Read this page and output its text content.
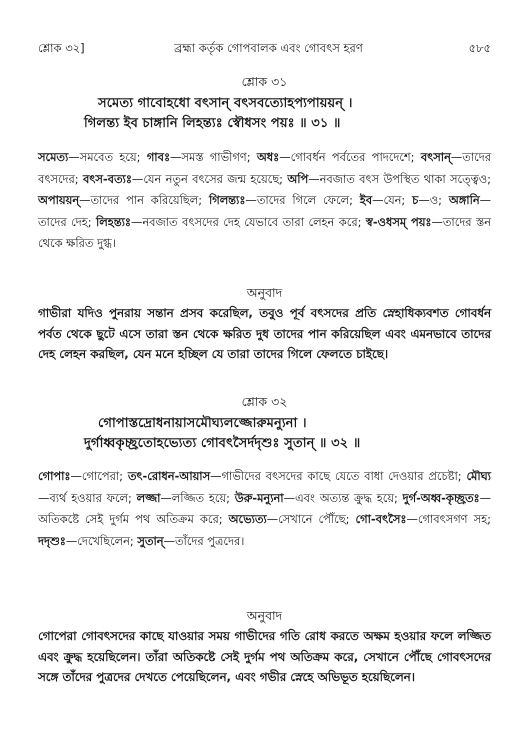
শ্লোক ৩২]	ব্রহ্মা কর্তৃক গোপবালক এবং গোবৎস হরণ	৫৮৫
শ্লোক ৩১
সমেত্য গাবোহধো বৎসান্ বৎসবত্যোহপ্যপায়য়ন্ ।
গিলন্ত্য ইব চাঙ্গানি লিহন্ত্যঃ স্বৌধসং পয়ঃ ॥ ৩১ ॥
সমেত্য—সমবেত হয়ে; গাবঃ—সমস্ত গাভীগণ; অধঃ—গোবর্ধন পর্বতের পাদদেশে; বৎসান্—তাদের বৎসদের; বৎস-বত্যঃ—যেন নতুন বৎসের জন্ম হয়েছে; অপি—নবজাত বৎস উপস্থিত থাকা সত্ত্বেও; অপায়য়ন্—তাদের পান করিয়েছিল; গিলন্ত্যঃ—তাদের গিলে ফেলে; ইব—যেন; চ—ও; অঙ্গানি—তাদের দেহ; লিহন্ত্যঃ—নবজাত বৎসদের দেহ যেভাবে তারা লেহন করে; স্ব-ওধসম্ পয়ঃ—তাদের স্তন থেকে ক্ষরিত দুগ্ধ।
অনুবাদ
গাভীরা যদিও পুনরায় সন্তান প্রসব করেছিল, তবুও পূর্ব বৎসদের প্রতি স্নেহাধিক্যবশত গোবর্ধন পর্বত থেকে ছুটে এসে তারা স্তন থেকে ক্ষরিত দুধ তাদের পান করিয়েছিল এবং এমনভাবে তাদের দেহ লেহন করছিল, যেন মনে হচ্ছিল যে তারা তাদের গিলে ফেলতে চাইছে।
শ্লোক ৩২
গোপাস্তদ্রোধনায়াসমৌঘ্যলজ্জোরুমন্যুনা ।
দুর্গাধ্বকৃচ্ছ্রতোহভ্যেত্য গোবৎসৈর্দদৃশুঃ সুতান্ ॥ ৩২ ॥
গোপাঃ—গোপেরা; তৎ-রোধন-আয়াস—গাভীদের বৎসদের কাছে যেতে বাধা দেওয়ার প্রচেষ্টা; মৌঘ্য—ব্যর্থ হওয়ার ফলে; লজ্জা—লজ্জিত হয়ে; উরু-মন্যুনা—এবং অত্যন্ত ক্রুদ্ধ হয়ে; দুর্গ-অধ্ব-কৃচ্ছ্রতঃ—অতিকষ্টে সেই দুর্গম পথ অতিক্রম করে; অভ্যেত্য—সেখানে পৌঁছে; গো-বৎসৈঃ—গোবৎসগণ সহ; দদৃশুঃ—দেখেছিলেন; সুতান্—তাঁদের পুত্রদের।
অনুবাদ
গোপেরা গোবৎসদের কাছে যাওয়ার সময় গাভীদের গতি রোধ করতে অক্ষম হওয়ার ফলে লজ্জিত এবং ক্রুদ্ধ হয়েছিলেন। তাঁরা অতিকষ্টে সেই দুর্গম পথ অতিক্রম করে, সেখানে পৌঁছে গোবৎসদের সঙ্গে তাঁদের পুত্রদের দেখতে পেয়েছিলেন, এবং গভীর স্নেহে অভিভূত হয়েছিলেন।
